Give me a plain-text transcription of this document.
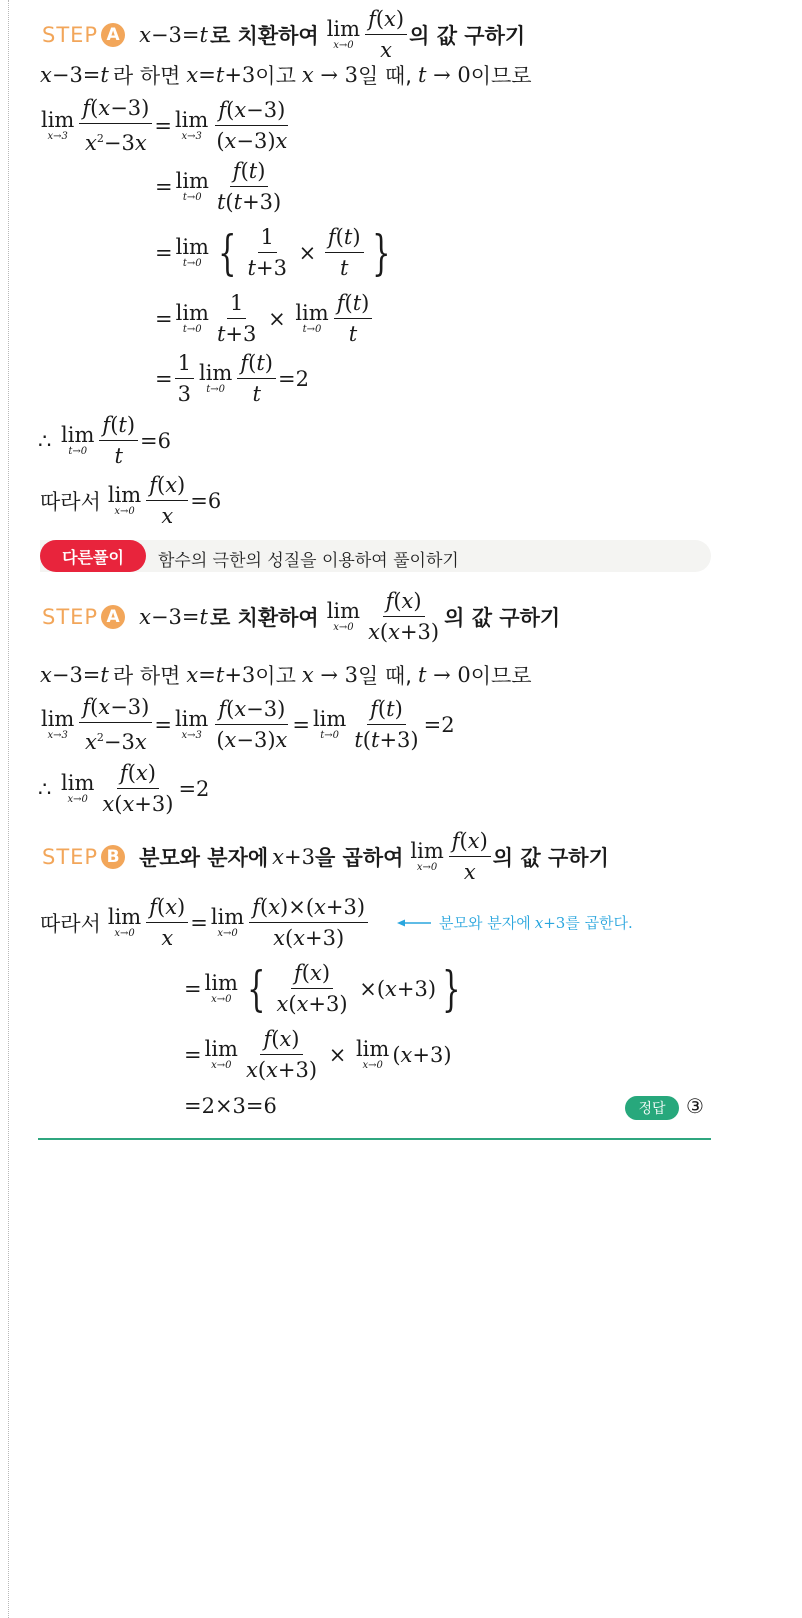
STEP A x −3= t 로 치환하여 lim
$x\to 0 \frac{f(x)}{x}$ 의 값 구하기
x −3= t 라 하면 x = t +3 이고 x → 3 일 때, t → 0 이므로
lim
$x\to 3 \frac{f(x-3)}{x^2-3x} = \lim$
$x\to 3 \frac{f(x-3)}{(x-3)x}$
= lim
$t\to 0 \frac{f(t)}{t(t+3)}$
= lim
t→0 { $\frac{1}{t+3} \times \frac{f(t)}{t}$ }
= lim
$t\to 0 \frac{1}{t+3} \times \lim$
$t\to 0 \frac{f(t)}{t}$
= $\frac{1}{3}$ lim
$t\to 0 \frac{f(t)}{t} =2$
∴ lim
$t\to 0 \frac{f(t)}{t} =6$
따라서 lim
$x\to 0 \frac{f(x)}{x} =6$
다른풀이	함수의 극한의 성질을 이용하여 풀이하기
STEP A x −3= t 로 치환하여 lim
$x\to 0 \frac{f(x)}{x(x+3)}$ 의 값 구하기
x −3= t 라 하면 x = t +3 이고 x → 3 일 때, t → 0 이므로
lim
$x\to 3 \frac{f(x-3)}{x^2-3x} = \lim$
$x\to 3 \frac{f(x-3)}{(x-3)x} = \lim$
$t\to 0 \frac{f(t)}{t(t+3)} =2$
∴ lim
$x\to 0 \frac{f(x)}{x(x+3)} =2$
STEP B 분모와 분자에 x +3 을 곱하여 lim
$x\to 0 \frac{f(x)}{x}$ 의 값 구하기
따라서 lim
$x\to 0 \frac{f(x)}{x} = \lim$
$x\to 0 \frac{f(x)\times(x+3)}{x(x+3)}$	분모와 분자에 x +3 를 곱한다.
= lim
x→0 { $\frac{f(x)}{x(x+3)}$ ×( x +3) }
= lim
$x\to 0 \frac{f(x)}{x(x+3)} \times \lim$
x→0 ( x +3)
=2×3=6	정답	③
